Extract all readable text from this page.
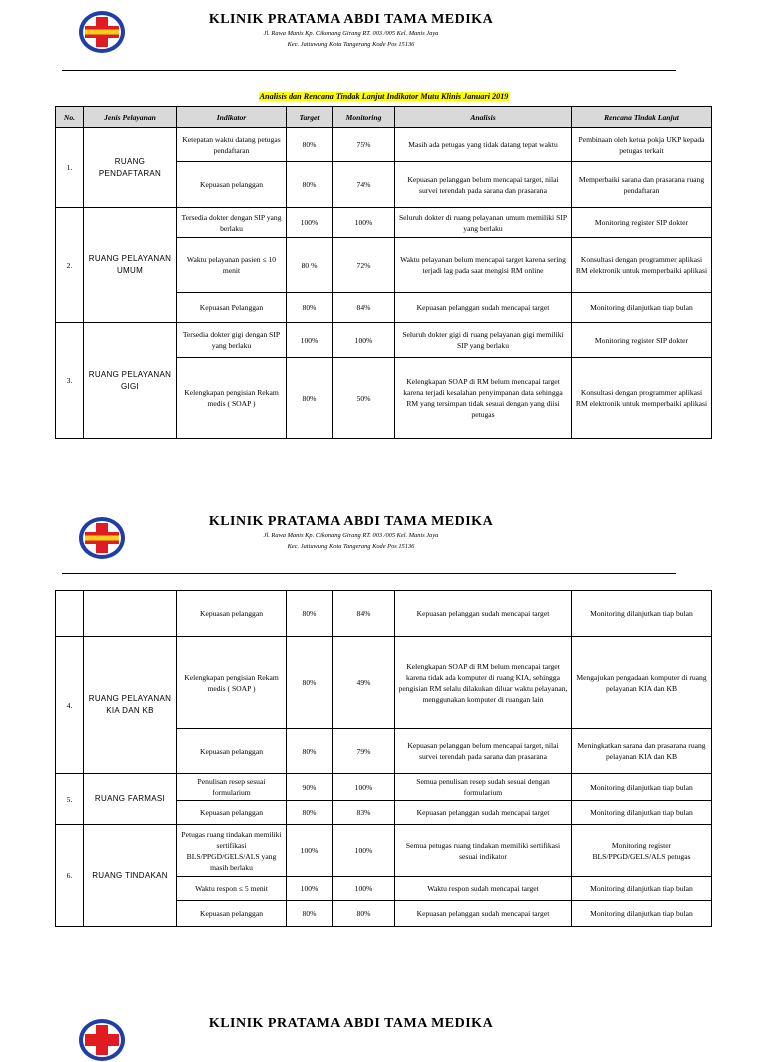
KLINIK PRATAMA ABDI TAMA MEDIKA
Jl. Rawa Manis Kp. Cikonang Girang RT. 003 /005 Kel. Manis Jaya
Kec. Jatiuwung Kota Tangerang Kode Pos 15136
Analisis dan Rencana Tindak Lanjut Indikator Mutu Klinis Januari 2019
No.	Jenis Pelayanan	Indikator	Target	Monitoring	Analisis	Rencana Tindak Lanjut
1.	RUANG PENDAFTARAN	Ketepatan waktu datang petugas pendaftaran	80%	75%	Masih ada petugas yang tidak datang tepat waktu	Pembinaan oleh ketua pokja UKP kepada petugas terkait
		Kepuasan pelanggan	80%	74%	Kepuasan pelanggan belum mencapai target, nilai survei terendah pada sarana dan prasarana	Memperbaiki sarana dan prasarana ruang pendaftaran
2.	RUANG PELAYANAN UMUM	Tersedia dokter dengan SIP yang berlaku	100%	100%	Seluruh dokter di ruang pelayanan umum memiliki SIP yang berlaku	Monitoring register SIP dokter
		Waktu pelayanan pasien ≤ 10 menit	80 %	72%	Waktu pelayanan belum mencapai target karena sering terjadi lag pada saat mengisi RM online	Konsultasi dengan programmer aplikasi RM elektronik untuk memperbaiki aplikasi
		Kepuasan Pelanggan	80%	84%	Kepuasan pelanggan sudah mencapai target	Monitoring dilanjutkan tiap bulan
3.	RUANG PELAYANAN GIGI	Tersedia dokter gigi dengan SIP yang berlaku	100%	100%	Seluruh dokter gigi di ruang pelayanan gigi memiliki SIP yang berlaku	Monitoring register SIP dokter
		Kelengkapan pengisian Rekam medis ( SOAP )	80%	50%	Kelengkapan SOAP di RM belum mencapai target karena terjadi kesalahan penyimpanan data sehingga RM yang tersimpan tidak sesuai dengan yang diisi petugas	Konsultasi dengan programmer aplikasi RM elektronik untuk memperbaiki aplikasi
KLINIK PRATAMA ABDI TAMA MEDIKA
Jl. Rawa Manis Kp. Cikonang Girang RT. 003 /005 Kel. Manis Jaya
Kec. Jatiuwung Kota Tangerang Kode Pos 15136
		Kepuasan pelanggan	80%	84%	Kepuasan pelanggan sudah mencapai target	Monitoring dilanjutkan tiap bulan
4.	RUANG PELAYANAN KIA DAN KB	Kelengkapan pengisian Rekam medis ( SOAP )	80%	49%	Kelengkapan SOAP di RM belum mencapai target karena tidak ada komputer di ruang KIA, sehingga pengisian RM selalu dilakukan diluar waktu pelayanan, menggunakan komputer di ruangan lain	Mengajukan pengadaan komputer di ruang pelayanan KIA dan KB
		Kepuasan pelanggan	80%	79%	Kepuasan pelanggan belum mencapai target, nilai survei terendah pada sarana dan prasarana	Meningkatkan sarana dan prasarana ruang pelayanan KIA dan KB
5.	RUANG FARMASI	Penulisan resep sesuai formularium	90%	100%	Semua penulisan resep sudah sesuai dengan formularium	Monitoring dilanjutkan tiap bulan
		Kepuasan pelanggan	80%	83%	Kepuasan pelanggan sudah mencapai target	Monitoring dilanjutkan tiap bulan
6.	RUANG TINDAKAN	Petugas ruang tindakan memiliki sertifikasi BLS/PPGD/GELS/ALS yang masih berlaku	100%	100%	Semua petugas ruang tindakan memiliki sertifikasi sesuai indikator	Monitoring register BLS/PPGD/GELS/ALS petugas
		Waktu respon ≤ 5 menit	100%	100%	Waktu respon sudah mencapai target	Monitoring dilanjutkan tiap bulan
		Kepuasan pelanggan	80%	80%	Kepuasan pelanggan sudah mencapai target	Monitoring dilanjutkan tiap bulan
KLINIK PRATAMA ABDI TAMA MEDIKA
